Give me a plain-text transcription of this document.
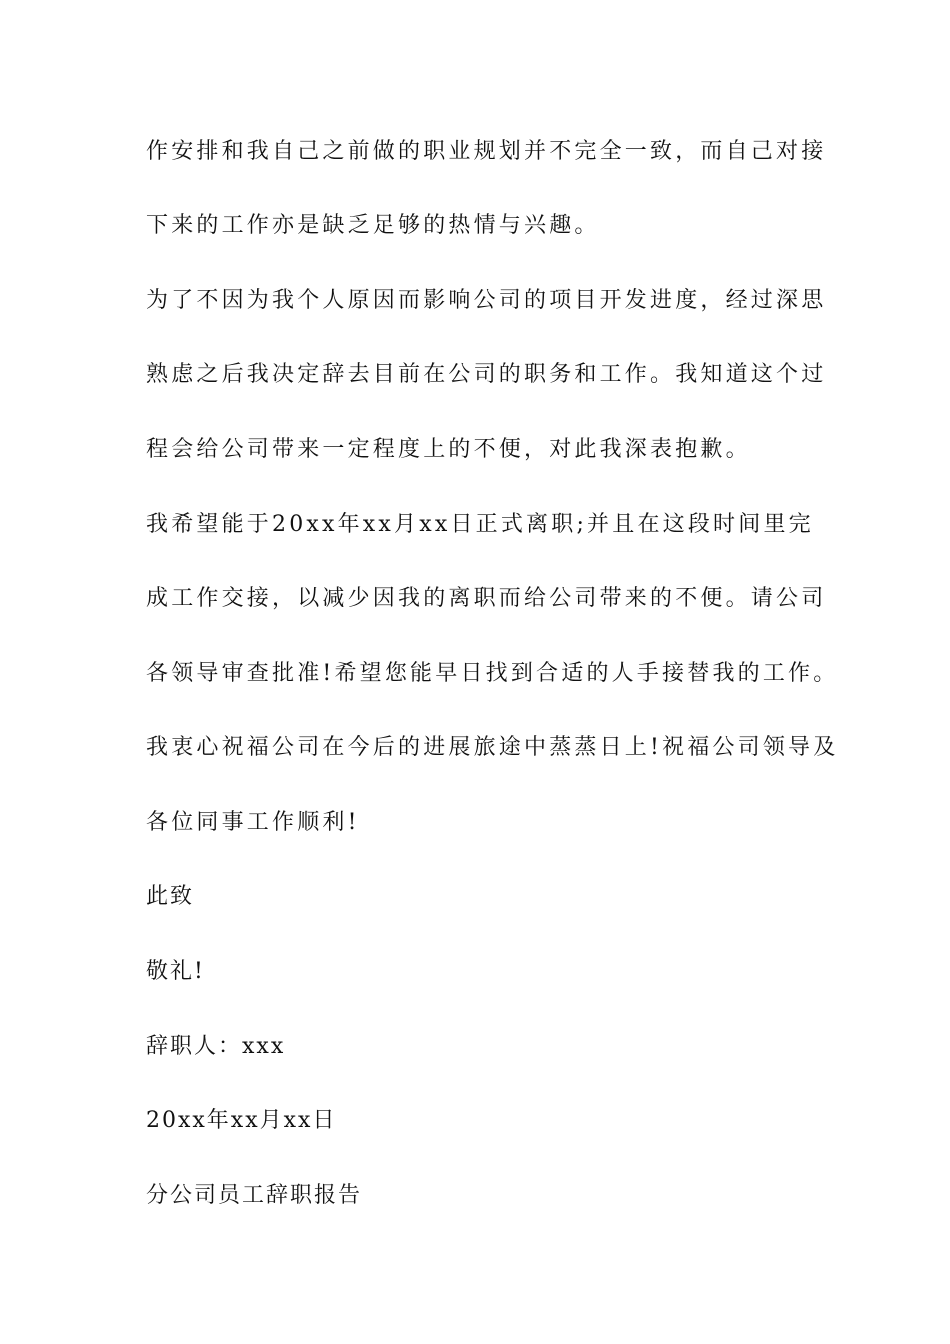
作安排和我自己之前做的职业规划并不完全一致，而自己对接
下来的工作亦是缺乏足够的热情与兴趣。
为了不因为我个人原因而影响公司的项目开发进度，经过深思
熟虑之后我决定辞去目前在公司的职务和工作。我知道这个过
程会给公司带来一定程度上的不便，对此我深表抱歉。
我希望能于20xx年xx月xx日正式离职;并且在这段时间里完
成工作交接，以减少因我的离职而给公司带来的不便。请公司
各领导审查批准!希望您能早日找到合适的人手接替我的工作。
我衷心祝福公司在今后的进展旅途中蒸蒸日上!祝福公司领导及
各位同事工作顺利!
此致
敬礼!
辞职人：xxx
20xx年xx月xx日
分公司员工辞职报告
